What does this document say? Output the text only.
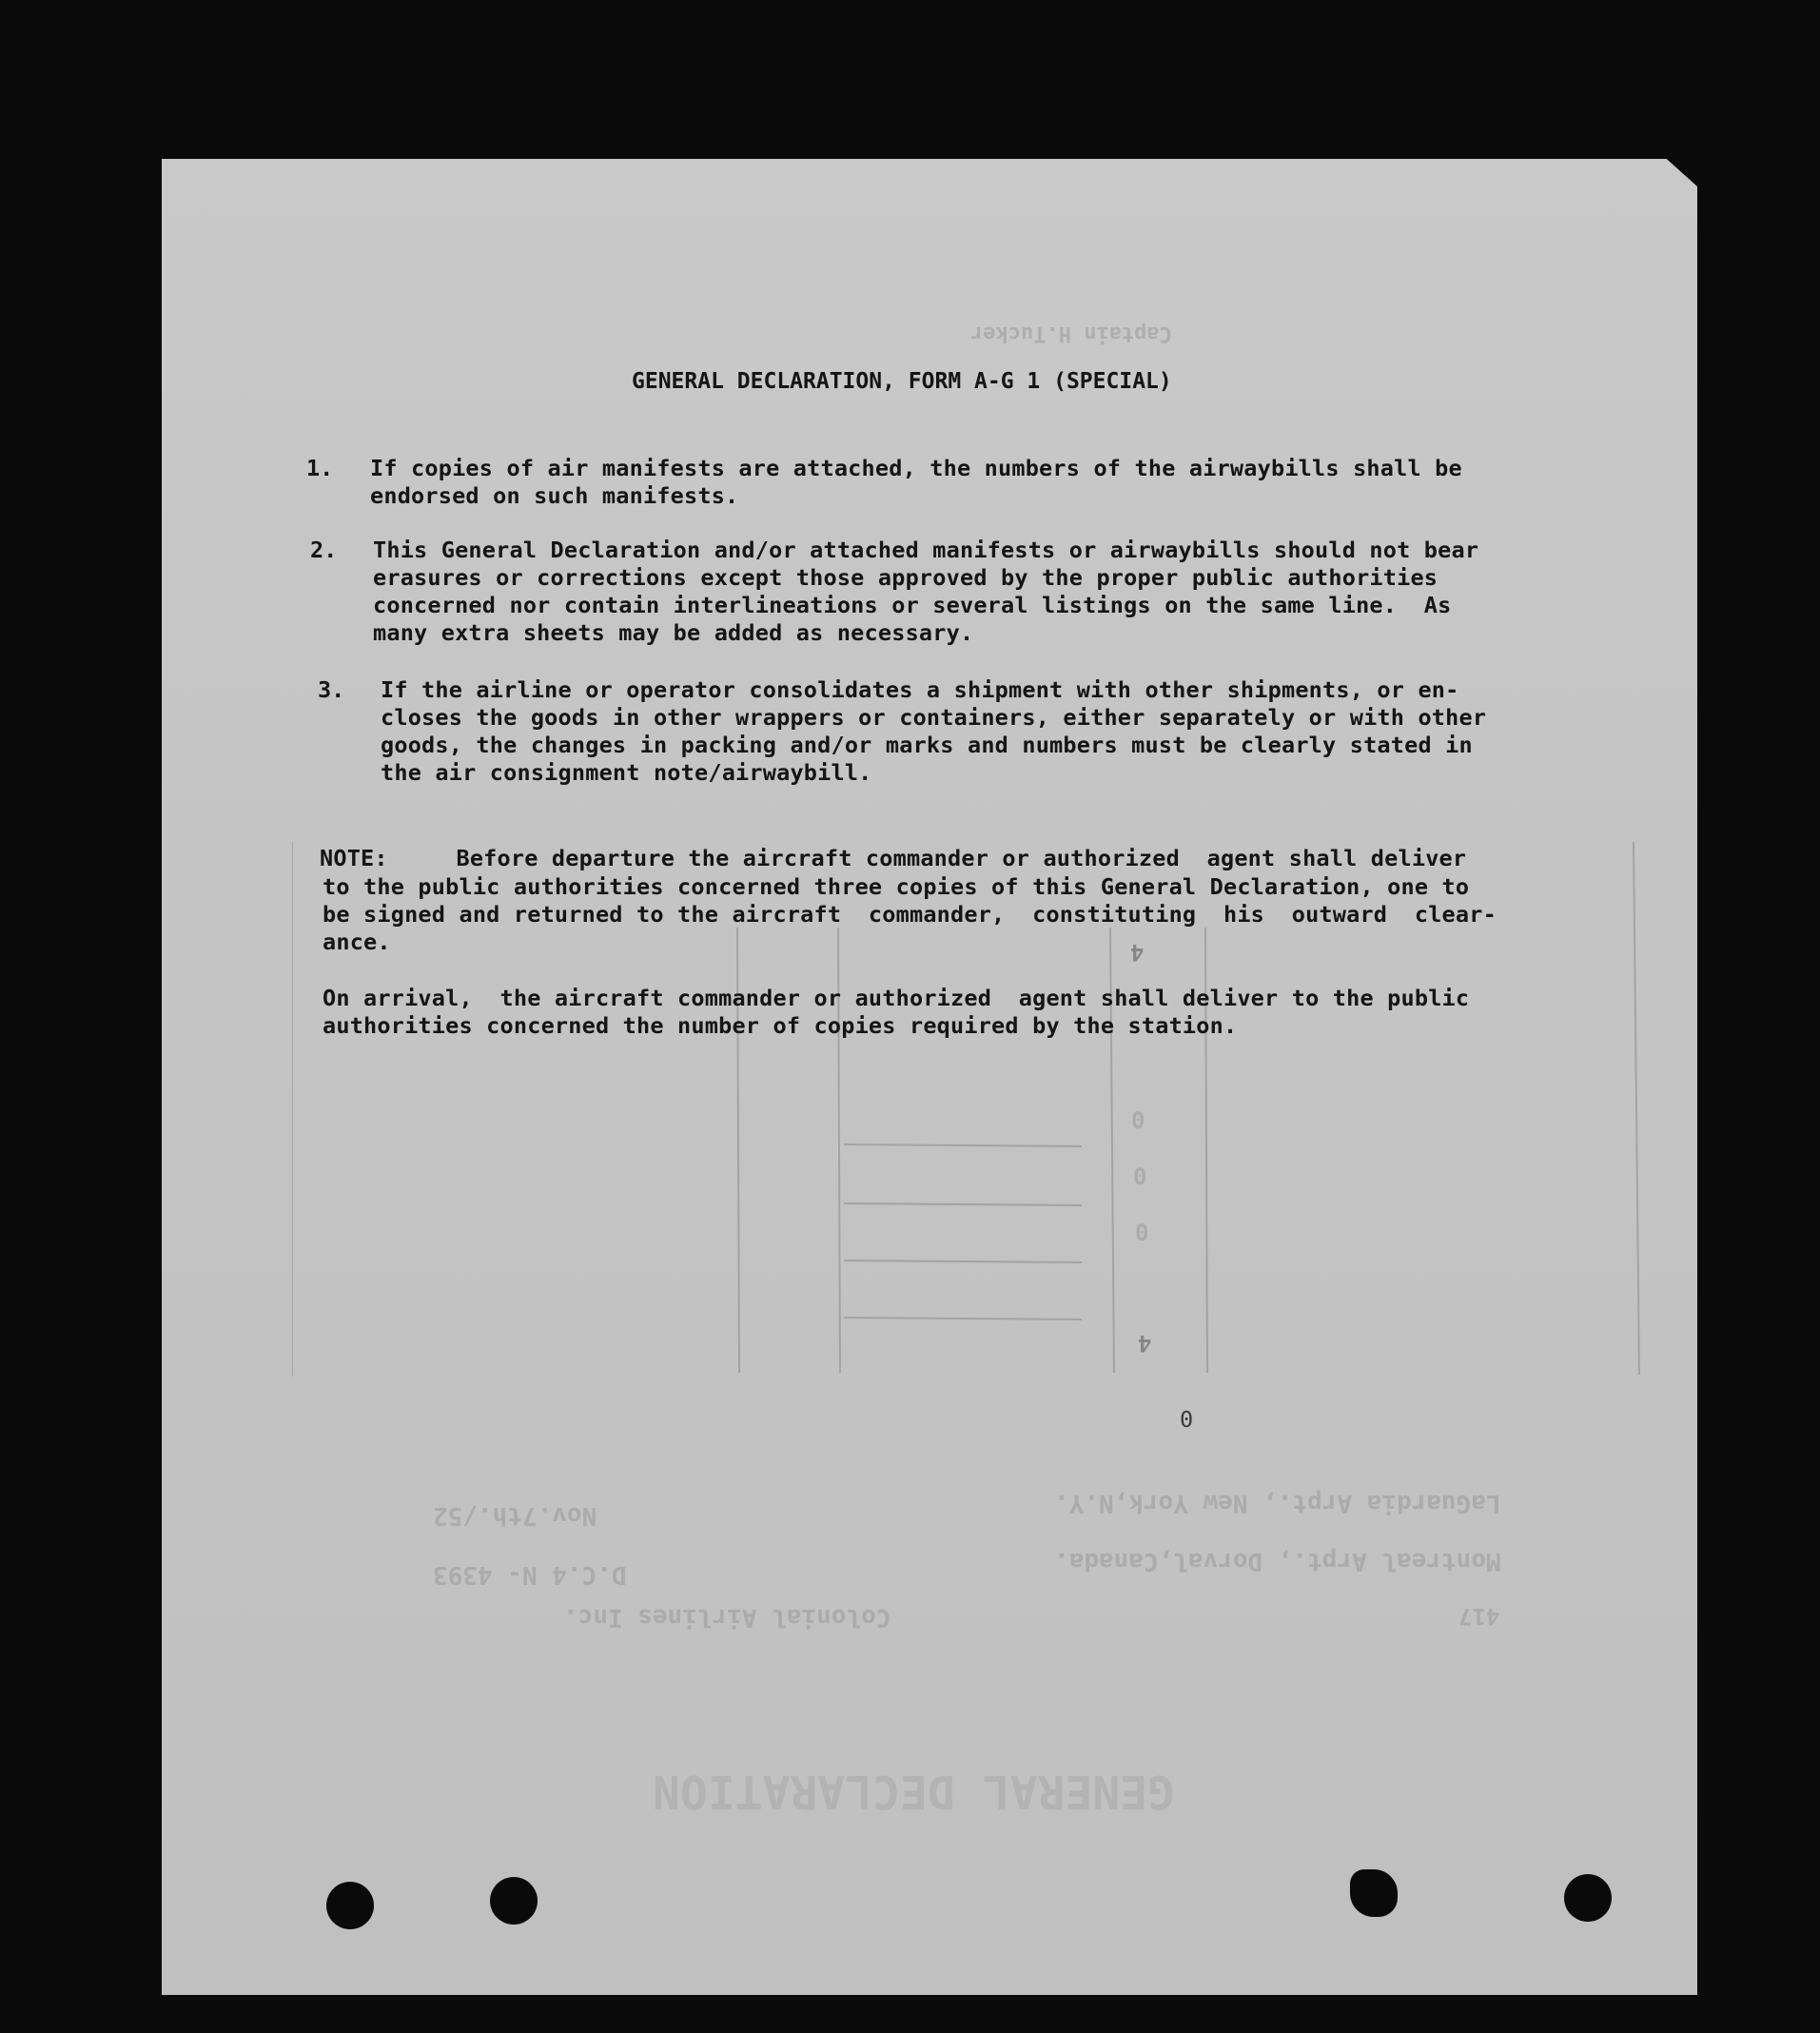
Captain H.Tucker
Nov.7th./52
D.C.4 N- 4393
Colonial Airlines Inc.
LaGuardia Arpt., New York,N.Y.
Montreal Arpt., Dorval,Canada.
417
GENERAL DECLARATION
0
0
0
0
4
4
GENERAL DECLARATION, FORM A-G 1 (SPECIAL)
1. If copies of air manifests are attached, the numbers of the airwaybills shall be
endorsed on such manifests.
2. This General Declaration and/or attached manifests or airwaybills should not bear
erasures or corrections except those approved by the proper public authorities
concerned nor contain interlineations or several listings on the same line.  As
many extra sheets may be added as necessary.
3. If the airline or operator consolidates a shipment with other shipments, or en-
closes the goods in other wrappers or containers, either separately or with other
goods, the changes in packing and/or marks and numbers must be clearly stated in
the air consignment note/airwaybill.
NOTE:     Before departure the aircraft commander or authorized  agent shall deliver
to the public authorities concerned three copies of this General Declaration, one to
be signed and returned to the aircraft  commander,  constituting  his  outward  clear-
ance.
On arrival,  the aircraft commander or authorized  agent shall deliver to the public
authorities concerned the number of copies required by the station.
